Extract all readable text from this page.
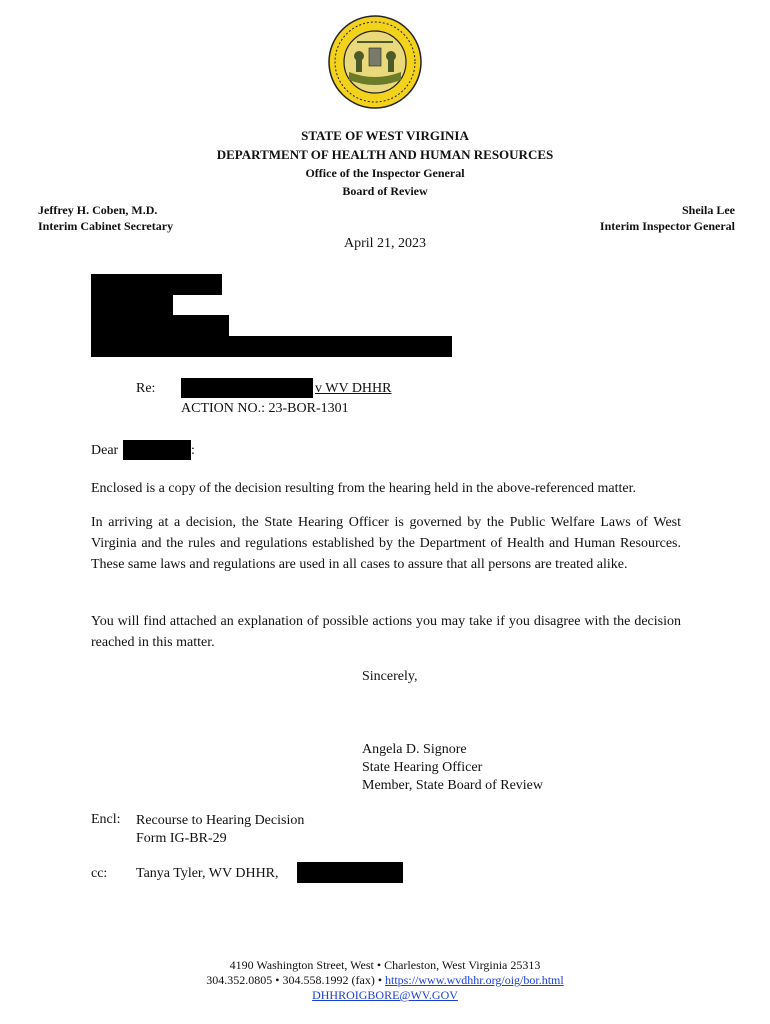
STATE OF WEST VIRGINIA
DEPARTMENT OF HEALTH AND HUMAN RESOURCES
Office of the Inspector General
Board of Review
Jeffrey H. Coben, M.D.
Interim Cabinet Secretary
Sheila Lee
Interim Inspector General
April 21, 2023
Re:	v WV DHHR
ACTION NO.: 23-BOR-1301
Dear	:
Enclosed is a copy of the decision resulting from the hearing held in the above-referenced matter.
In arriving at a decision, the State Hearing Officer is governed by the Public Welfare Laws of West Virginia and the rules and regulations established by the Department of Health and Human Resources. These same laws and regulations are used in all cases to assure that all persons are treated alike.
You will find attached an explanation of possible actions you may take if you disagree with the decision reached in this matter.
Sincerely,
Angela D. Signore
State Hearing Officer
Member, State Board of Review
Encl: Recourse to Hearing Decision
Form IG-BR-29
cc: Tanya Tyler, WV DHHR,
4190 Washington Street, West • Charleston, West Virginia 25313
304.352.0805 • 304.558.1992 (fax) • https://www.wvdhhr.org/oig/bor.html
DHHROIGBORE@WV.GOV
